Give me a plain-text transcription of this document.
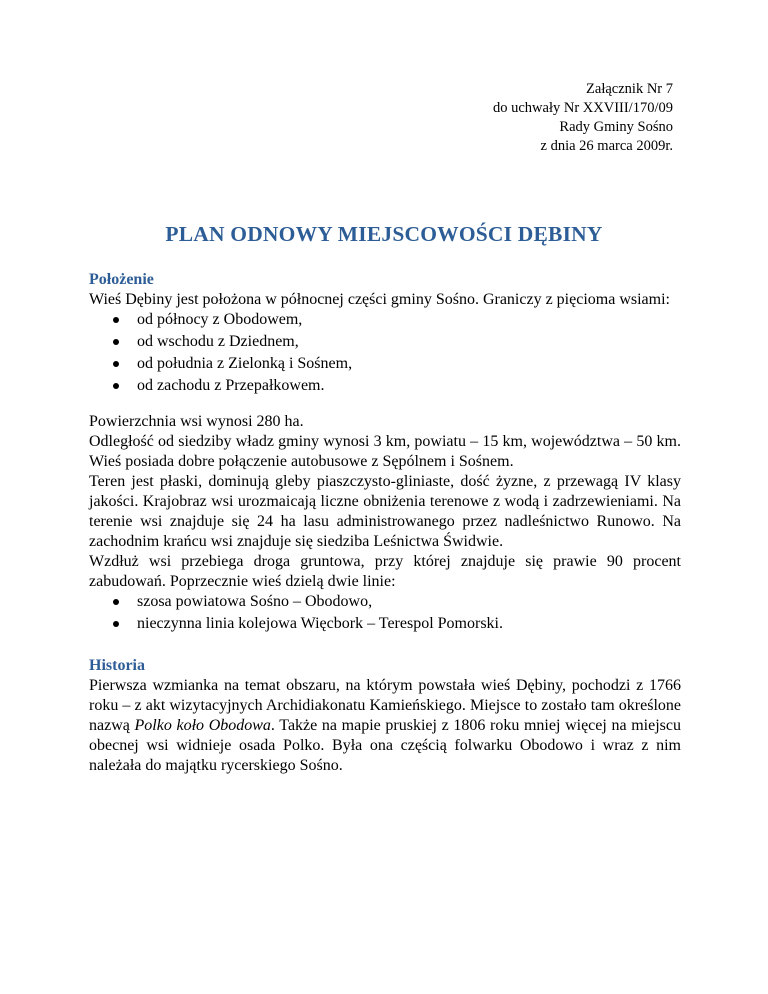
Załącznik Nr 7
do uchwały Nr XXVIII/170/09
Rady Gminy Sośno
z dnia 26 marca 2009r.
PLAN ODNOWY MIEJSCOWOŚCI DĘBINY
Położenie

Wieś Dębiny jest położona w północnej części gminy Sośno. Graniczy z pięcioma wsiami:

od północy z Obodowem,
od wschodu z Dziednem,
od południa z Zielonką i Sośnem,
od zachodu z Przepałkowem.

Powierzchnia wsi wynosi 280 ha.

Odległość od siedziby władz gminy wynosi 3 km, powiatu – 15 km, województwa – 50 km. Wieś posiada dobre połączenie autobusowe z Sępólnem i Sośnem.

Teren jest płaski, dominują gleby piaszczysto-gliniaste, dość żyzne, z przewagą IV klasy jakości. Krajobraz wsi urozmaicają liczne obniżenia terenowe z wodą i zadrzewieniami. Na terenie wsi znajduje się 24 ha lasu administrowanego przez nadleśnictwo Runowo. Na zachodnim krańcu wsi znajduje się siedziba Leśnictwa Świdwie.

Wzdłuż wsi przebiega droga gruntowa, przy której znajduje się prawie 90 procent zabudowań. Poprzecznie wieś dzielą dwie linie:

szosa powiatowa Sośno – Obodowo,
nieczynna linia kolejowa Więcbork – Terespol Pomorski.
Historia

Pierwsza wzmianka na temat obszaru, na którym powstała wieś Dębiny, pochodzi z 1766 roku – z akt wizytacyjnych Archidiakonatu Kamieńskiego. Miejsce to zostało tam określone nazwą Polko koło Obodowa. Także na mapie pruskiej z 1806 roku mniej więcej na miejscu obecnej wsi widnieje osada Polko. Była ona częścią folwarku Obodowo i wraz z nim należała do majątku rycerskiego Sośno.
